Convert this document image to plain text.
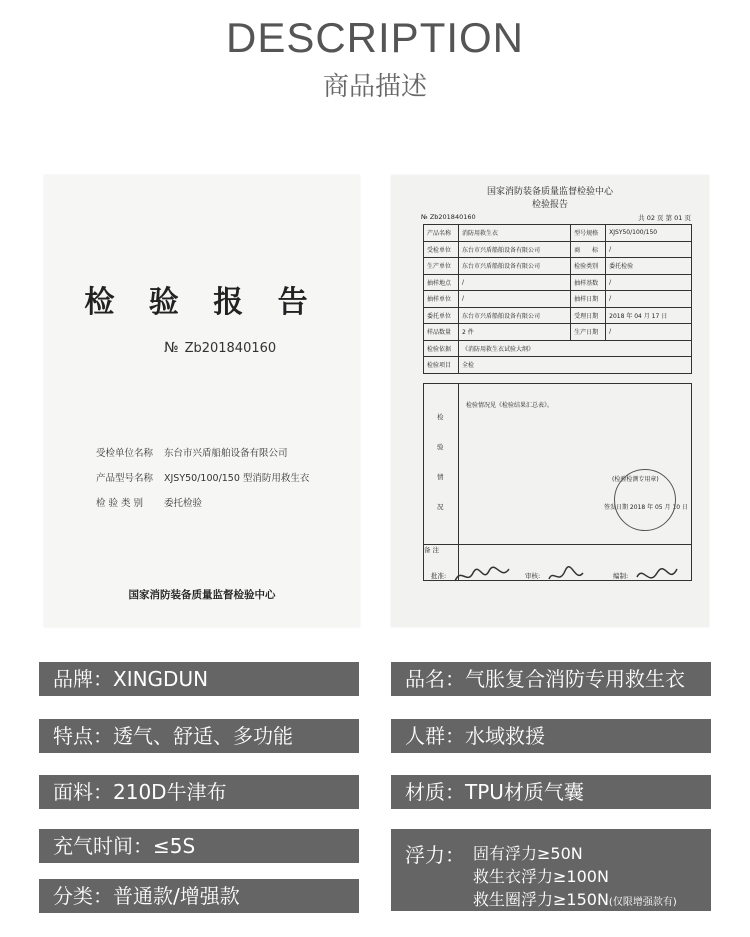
DESCRIPTION
商品描述
检 验 报 告
№ Zb201840160
受检单位名称 东台市兴盾船舶设备有限公司
产品型号名称 XJSY50/100/150 型消防用救生衣
检 验 类 别 委托检验
国家消防装备质量监督检验中心
国家消防装备质量监督检验中心
检验报告
№ Zb201840160	共 02 页 第 01 页
产品名称	消防用救生衣	型号规格	XJSY50/100/150
受检单位	东台市兴盾船舶设备有限公司	商　　标	/
生产单位	东台市兴盾船舶设备有限公司	检验类别	委托检验
抽样地点	/	抽样基数	/
抽样单位	/	抽样日期	/
委托单位	东台市兴盾船舶设备有限公司	受理日期	2018 年 04 月 17 日
样品数量	2 件	生产日期	/
检验依据	《消防用救生衣试验大纲》		
检验项目	全检		
检
验
情
况
检验情况见《检验结果汇总表》。
(检验检测专用章)
签发日期 2018 年 05 月 10 日
备 注
批准:	审核:	编制:
品牌：XINGDUN	品名：气胀复合消防专用救生衣
特点：透气、舒适、多功能	人群：水域救援
面料：210D牛津布	材质：TPU材质气囊
充气时间：≤5S
分类：普通款/增强款
浮力： 固有浮力≥50N
救生衣浮力≥100N
救生圈浮力≥150N(仅限增强款有)
